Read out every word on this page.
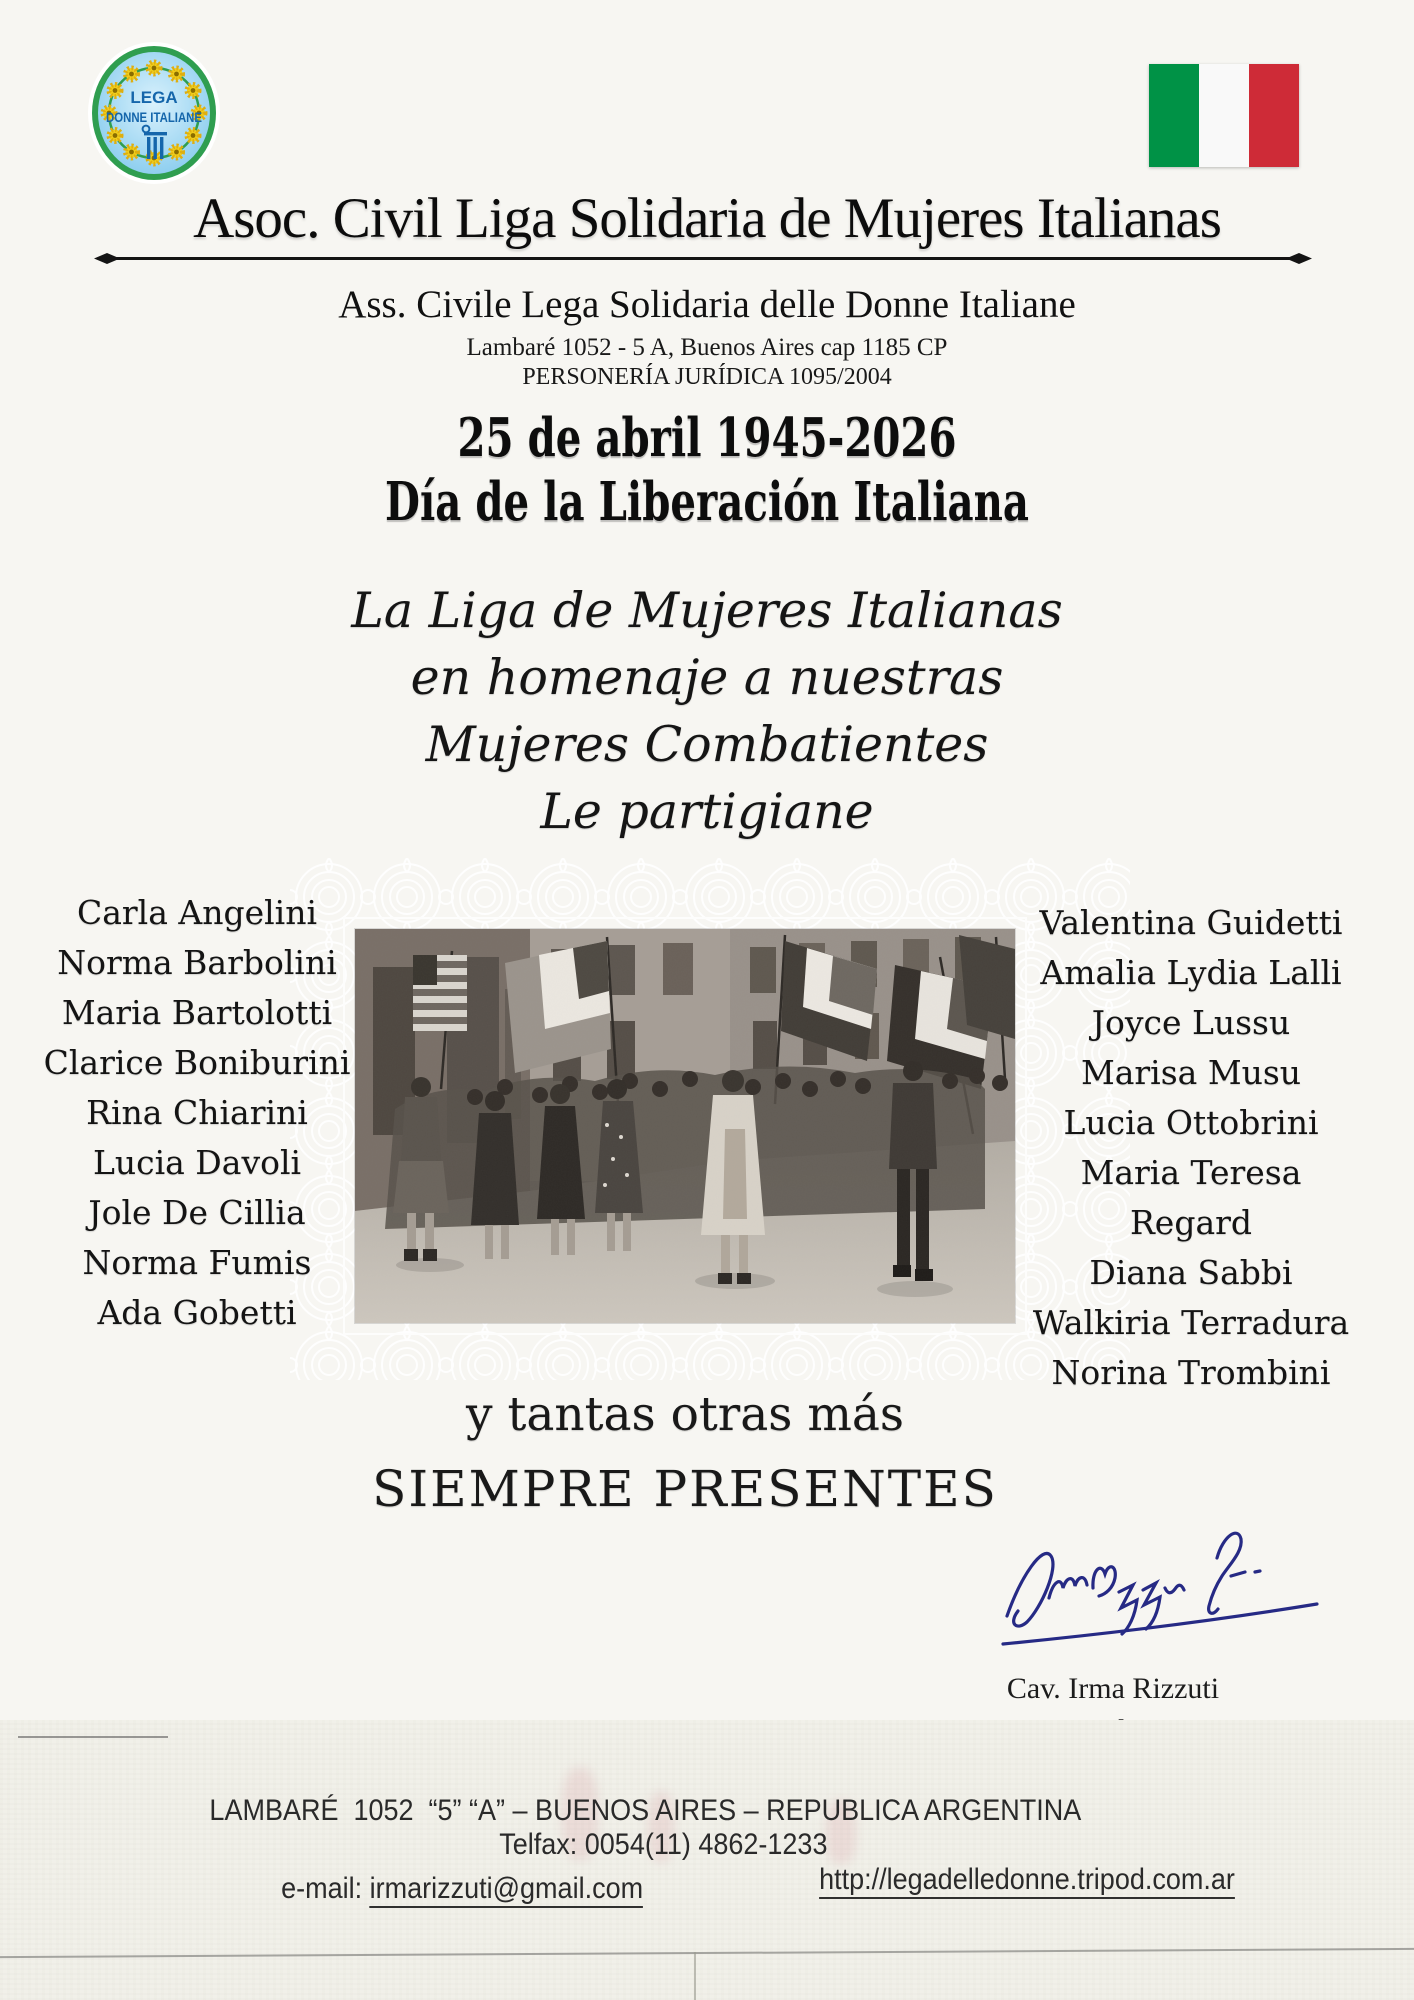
LEGA
DONNE ITALIANE
Asoc. Civil Liga Solidaria de Mujeres Italianas
Ass. Civile Lega Solidaria delle Donne Italiane
Lambaré 1052 - 5 A, Buenos Aires cap 1185 CP
PERSONERÍA JURÍDICA 1095/2004
25 de abril 1945-2026
Día de la Liberación Italiana
La Liga de Mujeres Italianas
en homenaje a nuestras
Mujeres Combatientes
Le partigiane
Carla Angelini
Norma Barbolini
Maria Bartolotti
Clarice Boniburini
Rina Chiarini
Lucia Davoli
Jole De Cillia
Norma Fumis
Ada Gobetti
Valentina Guidetti
Amalia Lydia Lalli
Joyce Lussu
Marisa Musu
Lucia Ottobrini
Maria Teresa Regard
Diana Sabbi
Walkiria Terradura
Norina Trombini
y tantas otras más
SIEMPRE PRESENTES
Cav. Irma Rizzuti

LAMBARÉ  1052  “5” “A” – BUENOS AIRES – REPUBLICA ARGENTINA

Telfax: 0054(11) 4862-1233

e-mail: irmarizzuti@gmail.com
	http://legadelledonne.tripod.com.ar
